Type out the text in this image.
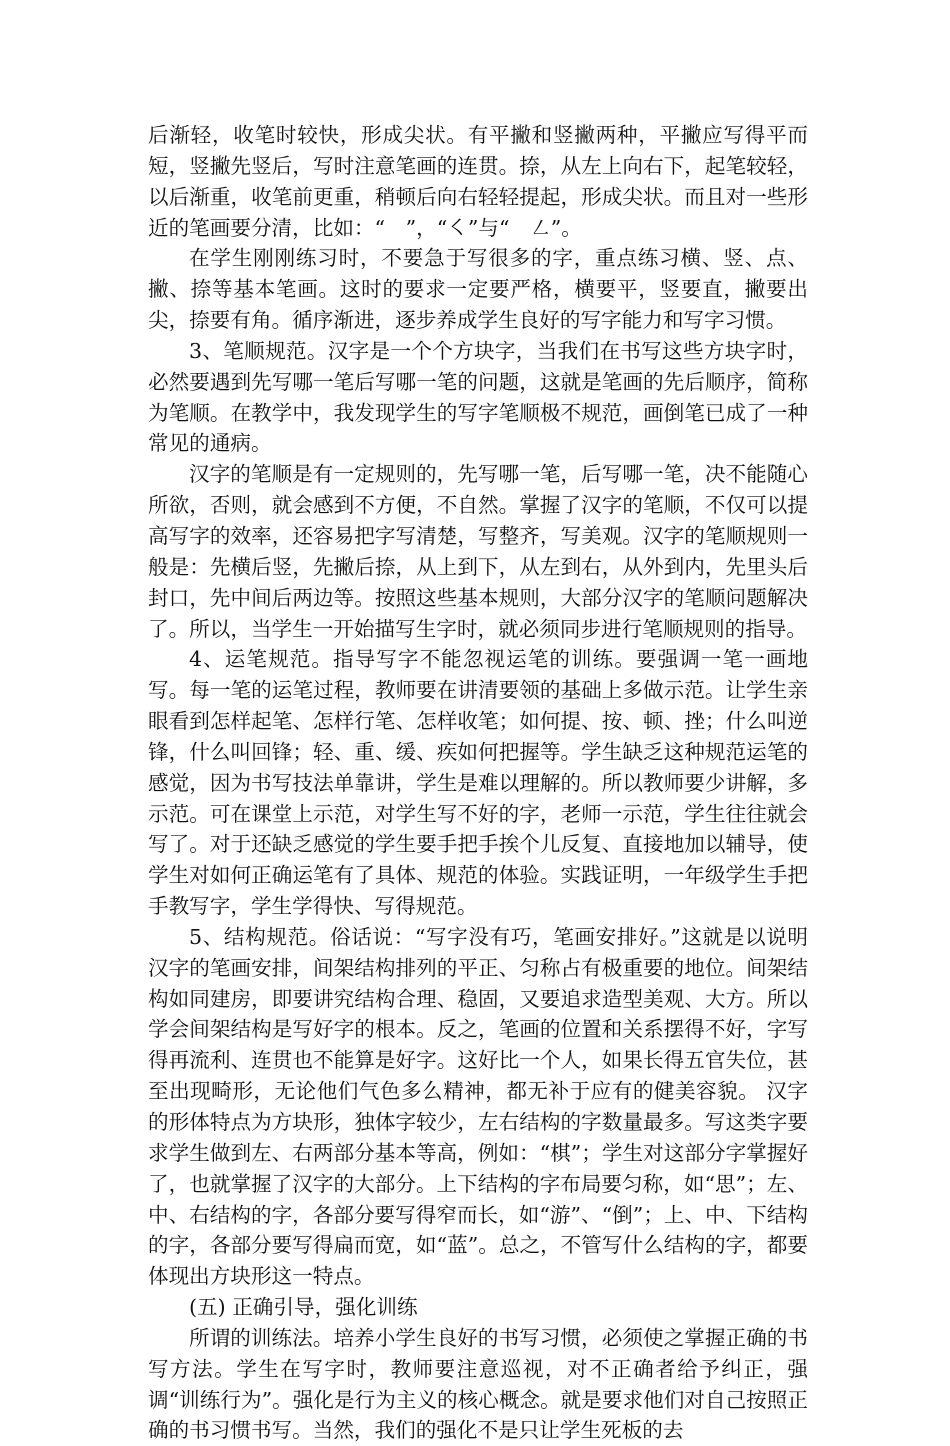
后渐轻，收笔时较快，形成尖状。有平撇和竖撇两种，平撇应写得平而短，竖撇先竖后，写时注意笔画的连贯。捺，从左上向右下，起笔较轻，以后渐重，收笔前更重，稍顿后向右轻轻提起，形成尖状。而且对一些形近的笔画要分清，比如：“　”，“㇛”与“　㇜”。

在学生刚刚练习时，不要急于写很多的字，重点练习横、竖、点、撇、捺等基本笔画。这时的要求一定要严格，横要平，竖要直，撇要出尖，捺要有角。循序渐进，逐步养成学生良好的写字能力和写字习惯。

3、笔顺规范。汉字是一个个方块字，当我们在书写这些方块字时，必然要遇到先写哪一笔后写哪一笔的问题，这就是笔画的先后顺序，简称为笔顺。在教学中，我发现学生的写字笔顺极不规范，画倒笔已成了一种常见的通病。

汉字的笔顺是有一定规则的，先写哪一笔，后写哪一笔，决不能随心所欲，否则，就会感到不方便，不自然。掌握了汉字的笔顺，不仅可以提高写字的效率，还容易把字写清楚，写整齐，写美观。汉字的笔顺规则一般是：先横后竖，先撇后捺，从上到下，从左到右，从外到内，先里头后封口，先中间后两边等。按照这些基本规则，大部分汉字的笔顺问题解决了。所以，当学生一开始描写生字时，就必须同步进行笔顺规则的指导。

4、运笔规范。指导写字不能忽视运笔的训练。要强调一笔一画地写。每一笔的运笔过程，教师要在讲清要领的基础上多做示范。让学生亲眼看到怎样起笔、怎样行笔、怎样收笔；如何提、按、顿、挫；什么叫逆锋，什么叫回锋；轻、重、缓、疾如何把握等。学生缺乏这种规范运笔的感觉，因为书写技法单靠讲，学生是难以理解的。所以教师要少讲解，多示范。可在课堂上示范，对学生写不好的字，老师一示范，学生往往就会写了。对于还缺乏感觉的学生要手把手挨个儿反复、直接地加以辅导，使学生对如何正确运笔有了具体、规范的体验。实践证明，一年级学生手把手教写字，学生学得快、写得规范。

5、结构规范。俗话说：“写字没有巧，笔画安排好。”这就是以说明汉字的笔画安排，间架结构排列的平正、匀称占有极重要的地位。间架结构如同建房，即要讲究结构合理、稳固，又要追求造型美观、大方。所以学会间架结构是写好字的根本。反之，笔画的位置和关系摆得不好，字写得再流利、连贯也不能算是好字。这好比一个人，如果长得五官失位，甚至出现畸形，无论他们气色多么精神，都无补于应有的健美容貌。 汉字的形体特点为方块形，独体字较少，左右结构的字数量最多。写这类字要求学生做到左、右两部分基本等高，例如：“棋”；学生对这部分字掌握好了，也就掌握了汉字的大部分。上下结构的字布局要匀称，如“思”；左、中、右结构的字，各部分要写得窄而长，如“游”、“倒”；上、中、下结构的字，各部分要写得扁而宽，如“蓝”。总之，不管写什么结构的字，都要体现出方块形这一特点。

(五) 正确引导，强化训练

所谓的训练法。培养小学生良好的书写习惯，必须使之掌握正确的书写方法。学生在写字时，教师要注意巡视，对不正确者给予纠正，强调“训练行为”。强化是行为主义的核心概念。就是要求他们对自己按照正确的书习惯书写。当然，我们的强化不是只让学生死板的去
